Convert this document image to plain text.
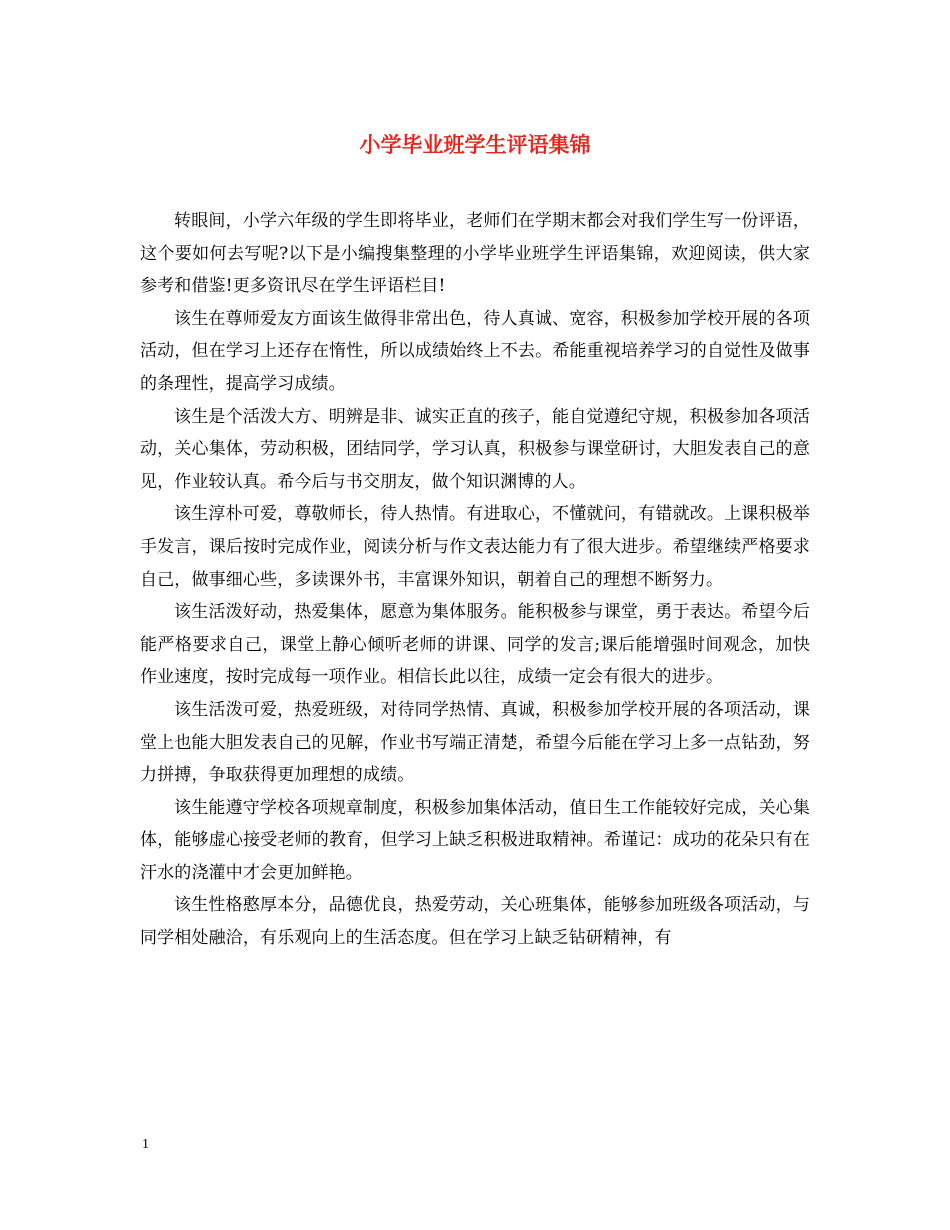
小学毕业班学生评语集锦

转眼间，小学六年级的学生即将毕业，老师们在学期末都会对我们学生写一份评语，这个要如何去写呢?以下是小编搜集整理的小学毕业班学生评语集锦，欢迎阅读，供大家参考和借鉴!更多资讯尽在学生评语栏目!

该生在尊师爱友方面该生做得非常出色，待人真诚、宽容，积极参加学校开展的各项活动，但在学习上还存在惰性，所以成绩始终上不去。希能重视培养学习的自觉性及做事的条理性，提高学习成绩。

该生是个活泼大方、明辨是非、诚实正直的孩子，能自觉遵纪守规，积极参加各项活动，关心集体，劳动积极，团结同学，学习认真，积极参与课堂研讨，大胆发表自己的意见，作业较认真。希今后与书交朋友，做个知识渊博的人。

该生淳朴可爱，尊敬师长，待人热情。有进取心，不懂就问，有错就改。上课积极举手发言，课后按时完成作业，阅读分析与作文表达能力有了很大进步。希望继续严格要求自己，做事细心些，多读课外书，丰富课外知识，朝着自己的理想不断努力。

该生活泼好动，热爱集体，愿意为集体服务。能积极参与课堂，勇于表达。希望今后能严格要求自己，课堂上静心倾听老师的讲课、同学的发言;课后能增强时间观念，加快作业速度，按时完成每一项作业。相信长此以往，成绩一定会有很大的进步。

该生活泼可爱，热爱班级，对待同学热情、真诚，积极参加学校开展的各项活动，课堂上也能大胆发表自己的见解，作业书写端正清楚，希望今后能在学习上多一点钻劲，努力拼搏，争取获得更加理想的成绩。

该生能遵守学校各项规章制度，积极参加集体活动，值日生工作能较好完成，关心集体，能够虚心接受老师的教育，但学习上缺乏积极进取精神。希谨记：成功的花朵只有在汗水的浇灌中才会更加鲜艳。

该生性格憨厚本分，品德优良，热爱劳动，关心班集体，能够参加班级各项活动，与同学相处融洽，有乐观向上的生活态度。但在学习上缺乏钻研精神，有

1
